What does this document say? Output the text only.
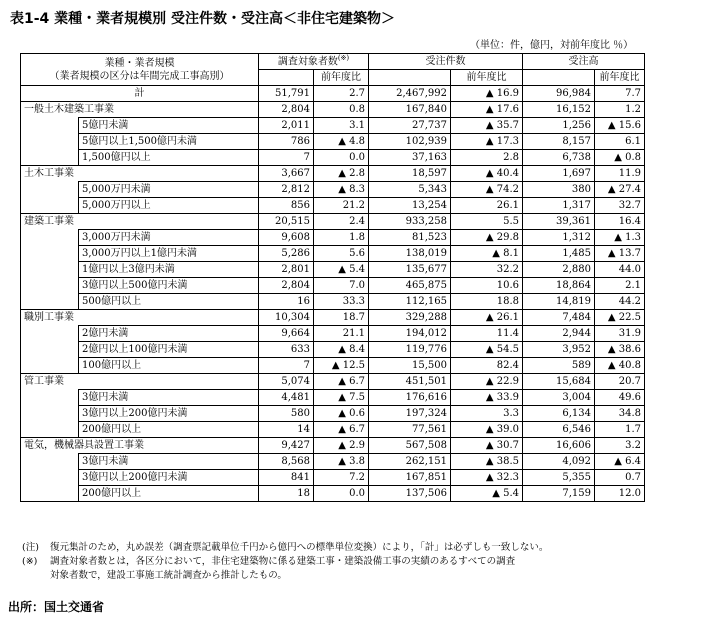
表1-4 業種・業者規模別 受注件数・受注高＜非住宅建築物＞
（単位：件，億円，対前年度比 ％）
業種・業者規模
（業者規模の区分は年間完成工事高別）		調査対象者数(※)		受注件数		受注高	
			前年度比		前年度比		前年度比
計		51,791	2.7	2,467,992	▲ 16.9	96,984	7.7
一般土木建築工事業		2,804	0.8	167,840	▲ 17.6	16,152	1.2
	5億円未満	2,011	3.1	27,737	▲ 35.7	1,256	▲ 15.6
	5億円以上1,500億円未満	786	▲ 4.8	102,939	▲ 17.3	8,157	6.1
	1,500億円以上	7	0.0	37,163	2.8	6,738	▲ 0.8
土木工事業		3,667	▲ 2.8	18,597	▲ 40.4	1,697	11.9
	5,000万円未満	2,812	▲ 8.3	5,343	▲ 74.2	380	▲ 27.4
	5,000万円以上	856	21.2	13,254	26.1	1,317	32.7
建築工事業		20,515	2.4	933,258	5.5	39,361	16.4
	3,000万円未満	9,608	1.8	81,523	▲ 29.8	1,312	▲ 1.3
	3,000万円以上1億円未満	5,286	5.6	138,019	▲ 8.1	1,485	▲ 13.7
	1億円以上3億円未満	2,801	▲ 5.4	135,677	32.2	2,880	44.0
	3億円以上500億円未満	2,804	7.0	465,875	10.6	18,864	2.1
	500億円以上	16	33.3	112,165	18.8	14,819	44.2
職別工事業		10,304	18.7	329,288	▲ 26.1	7,484	▲ 22.5
	2億円未満	9,664	21.1	194,012	11.4	2,944	31.9
	2億円以上100億円未満	633	▲ 8.4	119,776	▲ 54.5	3,952	▲ 38.6
	100億円以上	7	▲ 12.5	15,500	82.4	589	▲ 40.8
管工事業		5,074	▲ 6.7	451,501	▲ 22.9	15,684	20.7
	3億円未満	4,481	▲ 7.5	176,616	▲ 33.9	3,004	49.6
	3億円以上200億円未満	580	▲ 0.6	197,324	3.3	6,134	34.8
	200億円以上	14	▲ 6.7	77,561	▲ 39.0	6,546	1.7
電気，機械器具設置工事業		9,427	▲ 2.9	567,508	▲ 30.7	16,606	3.2
	3億円未満	8,568	▲ 3.8	262,151	▲ 38.5	4,092	▲ 6.4
	3億円以上200億円未満	841	7.2	167,851	▲ 32.3	5,355	0.7
	200億円以上	18	0.0	137,506	▲ 5.4	7,159	12.0
(注)	復元集計のため，丸め誤差（調査票記載単位千円から億円への標準単位変換）により，「計」は必ずしも一致しない。
(※)	調査対象者数とは，各区分において，非住宅建築物に係る建築工事・建築設備工事の実績のあるすべての調査
対象者数で，建設工事施工統計調査から推計したもの。
出所：国土交通省
